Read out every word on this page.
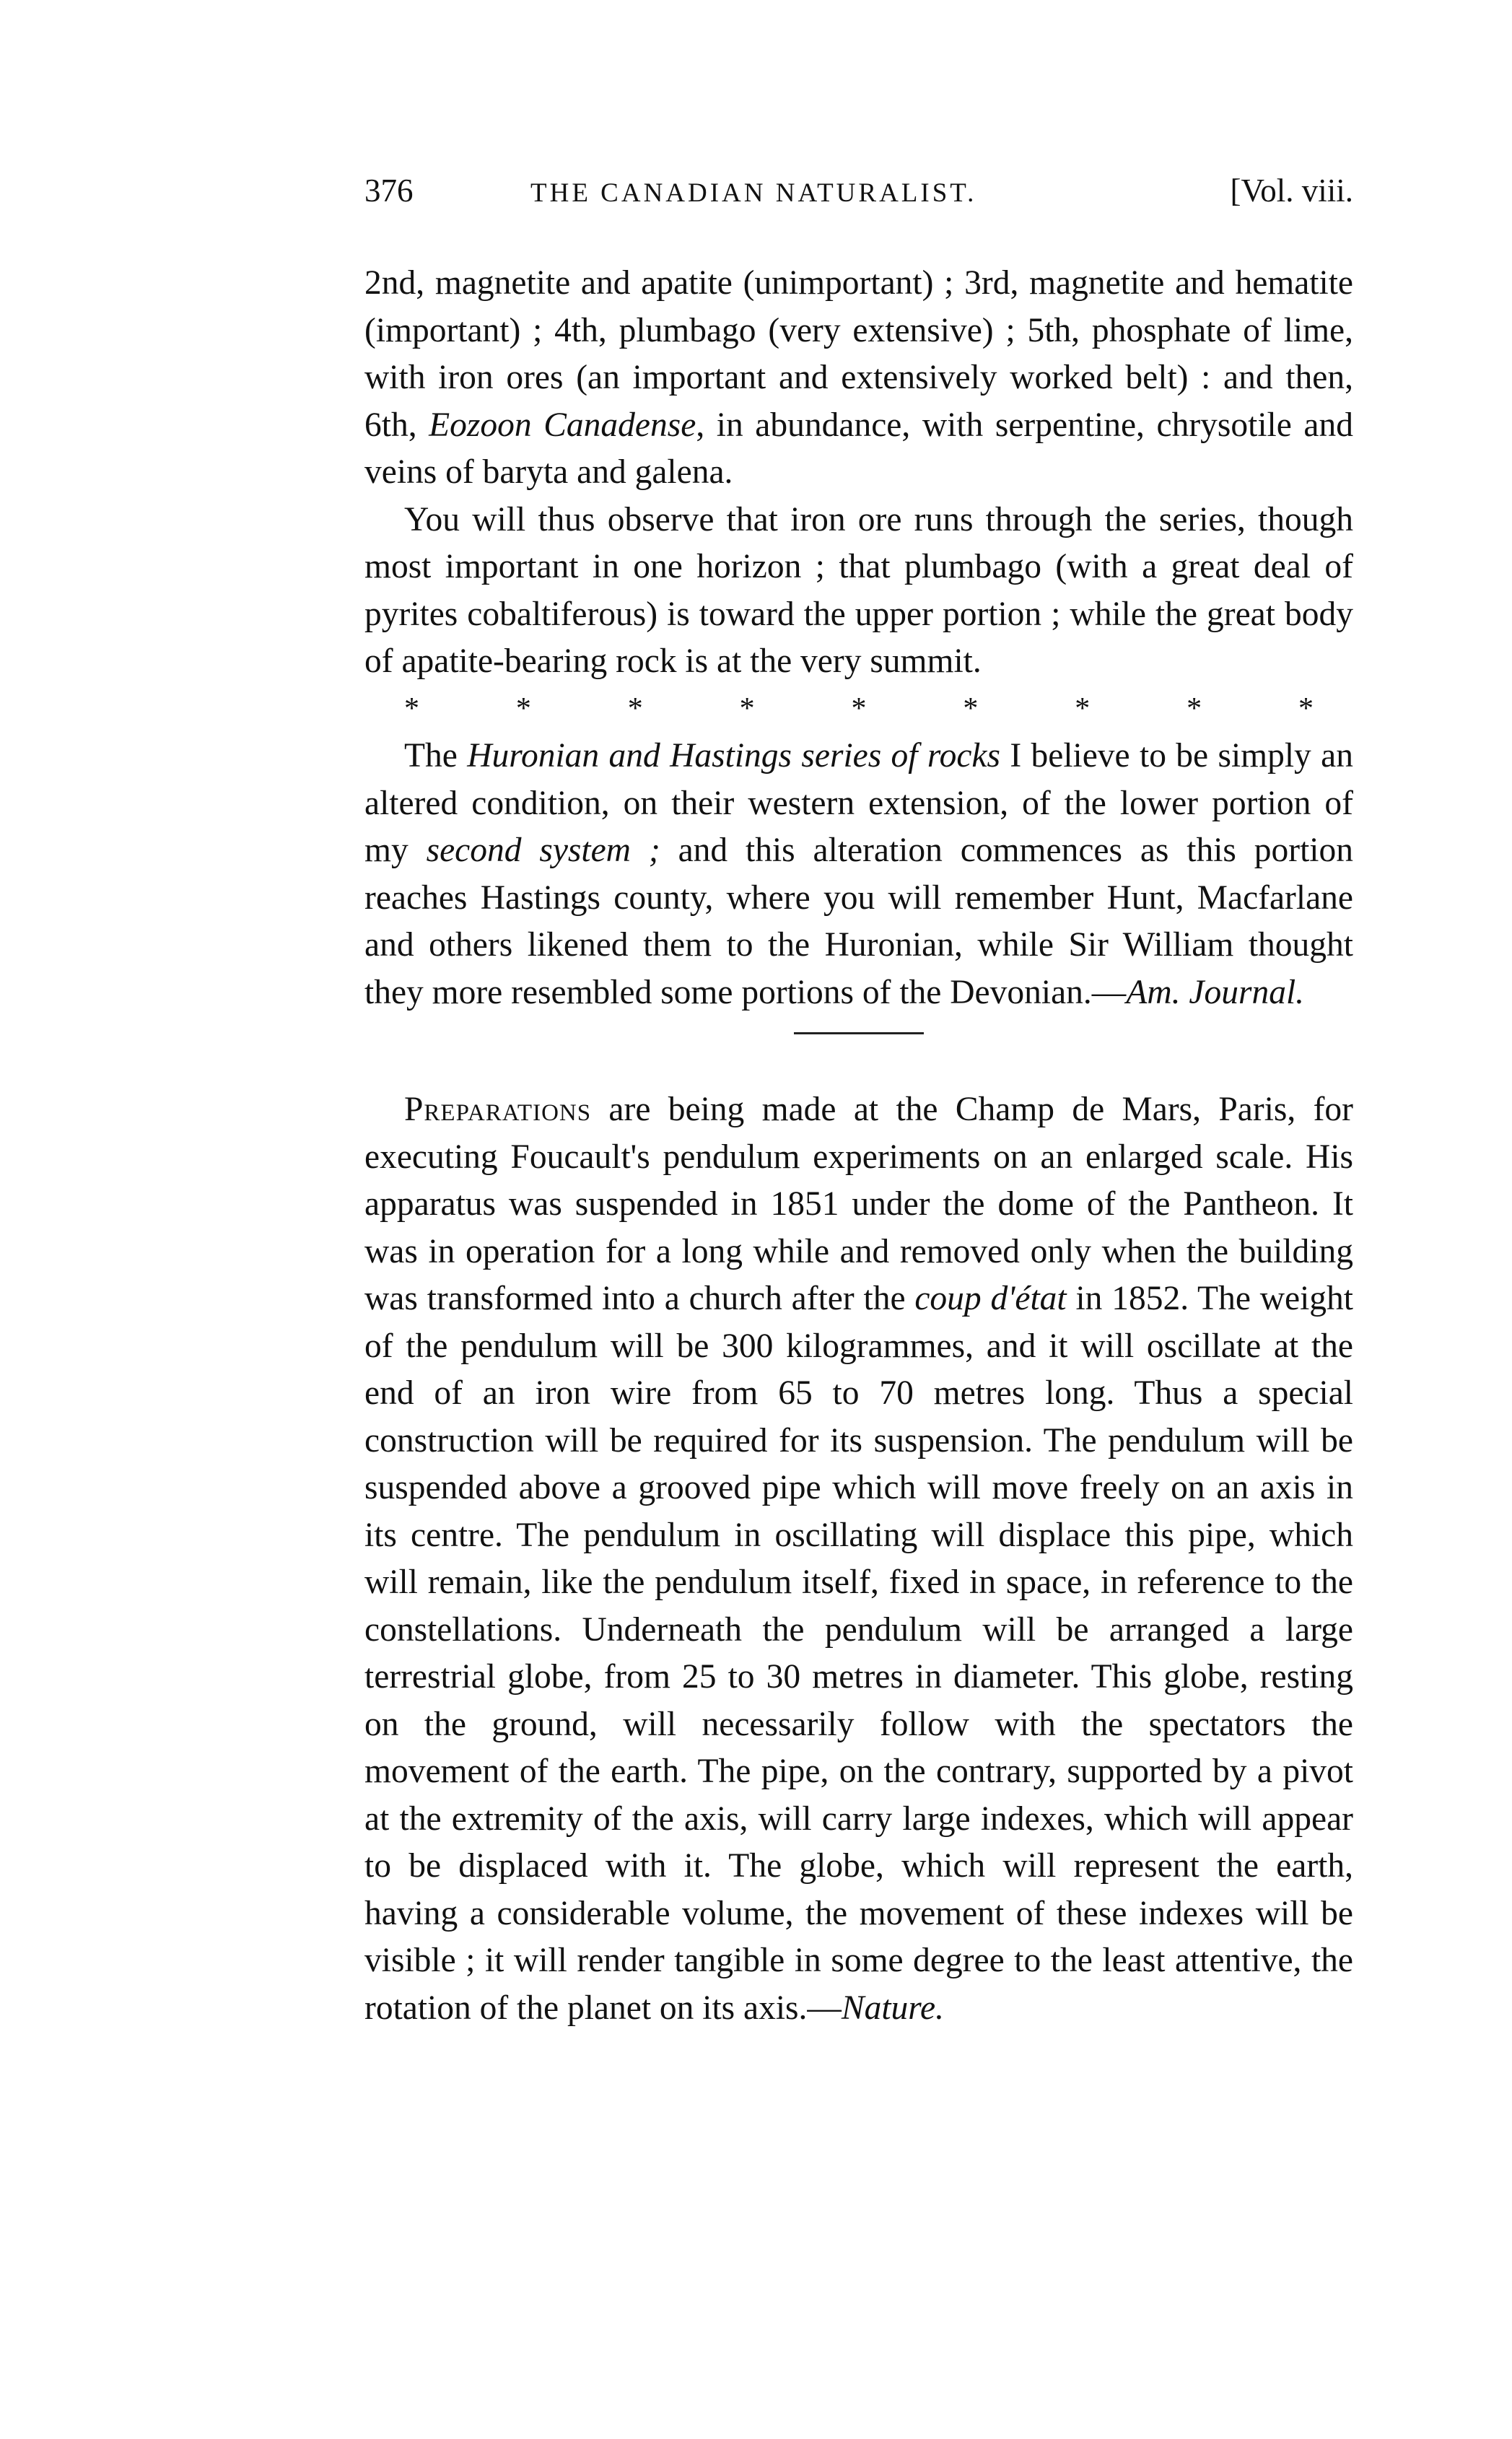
376	THE CANADIAN NATURALIST.	[Vol. viii.

2nd, magnetite and apatite (unimportant) ; 3rd, magnetite and hematite (important) ; 4th, plumbago (very extensive) ; 5th, phosphate of lime, with iron ores (an important and extensively worked belt) : and then, 6th, Eozoon Canadense, in abundance, with serpentine, chrysotile and veins of baryta and galena.

You will thus observe that iron ore runs through the series, though most important in one horizon ; that plumbago (with a great deal of pyrites cobaltiferous) is toward the upper portion ; while the great body of apatite-bearing rock is at the very summit.

*	*	*	*	*	*	*	*	*

The Huronian and Hastings series of rocks I believe to be simply an altered condition, on their western extension, of the lower portion of my second system ; and this alteration commences as this portion reaches Hastings county, where you will remember Hunt, Macfarlane and others likened them to the Huronian, while Sir William thought they more resembled some portions of the Devonian.—Am. Journal.

Preparations are being made at the Champ de Mars, Paris, for executing Foucault's pendulum experiments on an enlarged scale. His apparatus was suspended in 1851 under the dome of the Pantheon. It was in operation for a long while and removed only when the building was transformed into a church after the coup d'état in 1852. The weight of the pendulum will be 300 kilogrammes, and it will oscillate at the end of an iron wire from 65 to 70 metres long. Thus a special construction will be required for its suspension. The pendulum will be suspended above a grooved pipe which will move freely on an axis in its centre. The pendulum in oscillating will displace this pipe, which will remain, like the pendulum itself, fixed in space, in reference to the constellations. Underneath the pendulum will be arranged a large terrestrial globe, from 25 to 30 metres in diameter. This globe, resting on the ground, will necessarily follow with the spectators the movement of the earth. The pipe, on the contrary, supported by a pivot at the extremity of the axis, will carry large indexes, which will appear to be displaced with it. The globe, which will represent the earth, having a considerable volume, the movement of these indexes will be visible ; it will render tangible in some degree to the least attentive, the rotation of the planet on its axis.—Nature.
